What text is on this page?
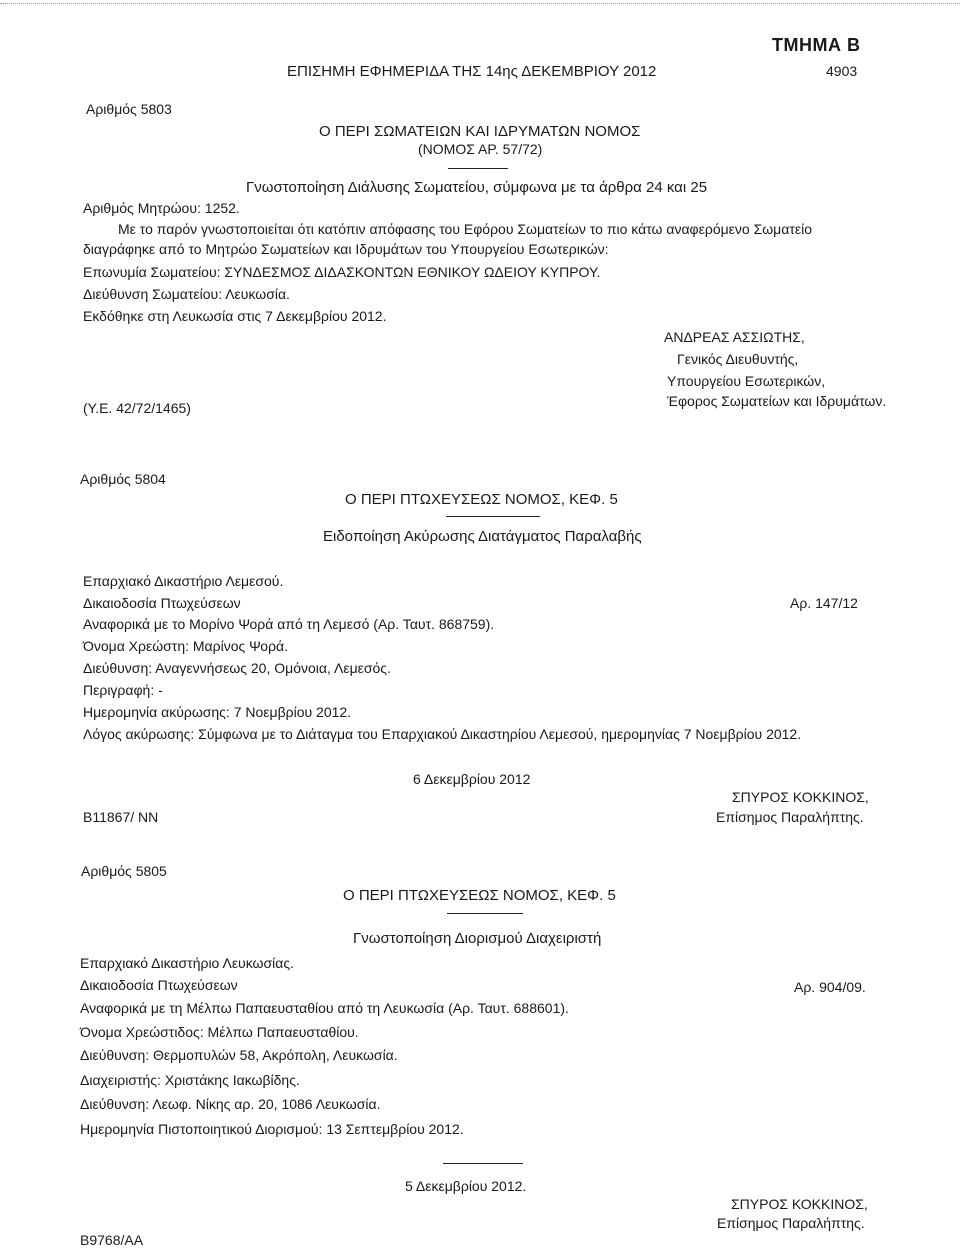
ΕΠΙΣΗΜΗ ΕΦΗΜΕΡΙΔΑ ΤΗΣ 14ης ΔΕΚΕΜΒΡΙΟΥ 2012
ΤΜΗΜΑ Β
4903
Αριθμός 5803
Ο ΠΕΡΙ ΣΩΜΑΤΕΙΩΝ ΚΑΙ ΙΔΡΥΜΑΤΩΝ ΝΟΜΟΣ
(ΝΟΜΟΣ ΑΡ. 57/72)
Γνωστοποίηση Διάλυσης Σωματείου, σύμφωνα με τα άρθρα 24 και 25
Αριθμός Μητρώου: 1252.
Με το παρόν γνωστοποιείται ότι κατόπιν απόφασης του Εφόρου Σωματείων το πιο κάτω αναφερόμενο Σωματείο
διαγράφηκε από το Μητρώο Σωματείων και Ιδρυμάτων του Υπουργείου Εσωτερικών:
Επωνυμία Σωματείου: ΣΥΝΔΕΣΜΟΣ ΔΙΔΑΣΚΟΝΤΩΝ ΕΘΝΙΚΟΥ ΩΔΕΙΟΥ ΚΥΠΡΟΥ.
Διεύθυνση Σωματείου: Λευκωσία.
Εκδόθηκε στη Λευκωσία στις 7 Δεκεμβρίου 2012.
ΑΝΔΡΕΑΣ ΑΣΣΙΩΤΗΣ,
Γενικός Διευθυντής,
Υπουργείου Εσωτερικών,
Έφορος Σωματείων και Ιδρυμάτων.
(Υ.Ε. 42/72/1465)
Αριθμός 5804
Ο ΠΕΡΙ ΠΤΩΧΕΥΣΕΩΣ ΝΟΜΟΣ, ΚΕΦ. 5
Ειδοποίηση Ακύρωσης Διατάγματος Παραλαβής
Επαρχιακό Δικαστήριο Λεμεσού.
Δικαιοδοσία Πτωχεύσεων	Αρ. 147/12
Αναφορικά με το Μορίνο Ψορά από τη Λεμεσό (Αρ. Ταυτ. 868759).
Όνομα Χρεώστη: Μαρίνος Ψορά.
Διεύθυνση: Αναγεννήσεως 20, Ομόνοια, Λεμεσός.
Περιγραφή: -
Ημερομηνία ακύρωσης: 7 Νοεμβρίου 2012.
Λόγος ακύρωσης: Σύμφωνα με το Διάταγμα του Επαρχιακού Δικαστηρίου Λεμεσού, ημερομηνίας 7 Νοεμβρίου 2012.
6 Δεκεμβρίου 2012
ΣΠΥΡΟΣ ΚΟΚΚΙΝΟΣ,
Επίσημος Παραλήπτης.
Β11867/ ΝΝ
Αριθμός 5805
Ο ΠΕΡΙ ΠΤΩΧΕΥΣΕΩΣ ΝΟΜΟΣ, ΚΕΦ. 5
Γνωστοποίηση Διορισμού Διαχειριστή
Επαρχιακό Δικαστήριο Λευκωσίας.
Δικαιοδοσία Πτωχεύσεων	Αρ. 904/09.
Αναφορικά με τη Μέλπω Παπαευσταθίου από τη Λευκωσία (Αρ. Ταυτ. 688601).
Όνομα Χρεώστιδος: Μέλπω Παπαευσταθίου.
Διεύθυνση: Θερμοπυλών 58, Ακρόπολη, Λευκωσία.
Διαχειριστής: Χριστάκης Ιακωβίδης.
Διεύθυνση: Λεωφ. Νίκης αρ. 20, 1086 Λευκωσία.
Ημερομηνία Πιστοποιητικού Διορισμού: 13 Σεπτεμβρίου 2012.
5 Δεκεμβρίου 2012.
ΣΠΥΡΟΣ ΚΟΚΚΙΝΟΣ,
Επίσημος Παραλήπτης.
Β9768/ΑΑ
